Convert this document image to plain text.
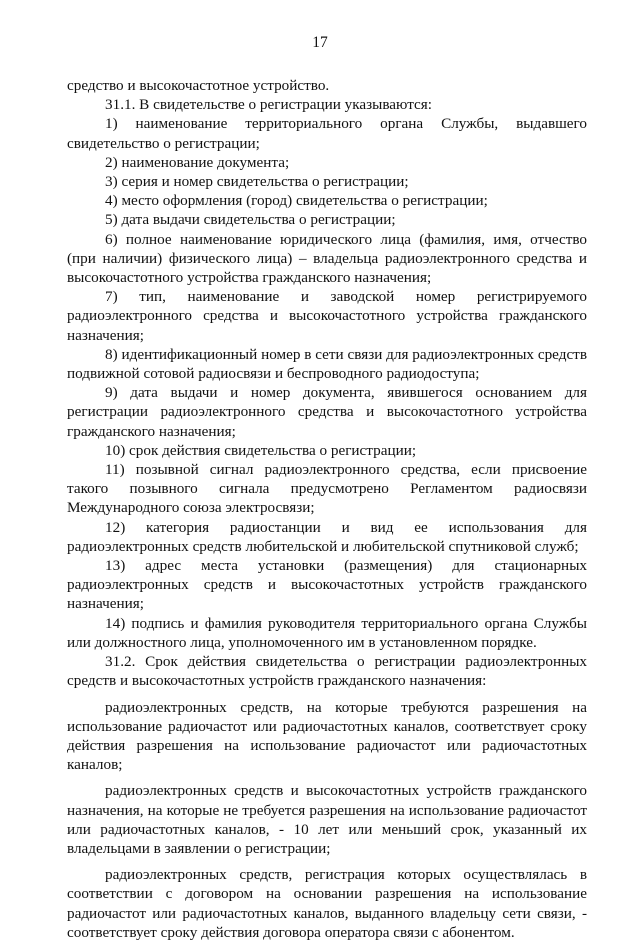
17

средство и высокочастотное устройство.

31.1. В свидетельстве о регистрации указываются:

1) наименование территориального органа Службы, выдавшего свидетельство о регистрации;

2) наименование документа;

3) серия и номер свидетельства о регистрации;

4) место оформления (город) свидетельства о регистрации;

5) дата выдачи свидетельства о регистрации;

6) полное наименование юридического лица (фамилия, имя, отчество (при наличии) физического лица) – владельца радиоэлектронного средства и высокочастотного устройства гражданского назначения;

7) тип, наименование и заводской номер регистрируемого радиоэлектронного средства и высокочастотного устройства гражданского назначения;

8) идентификационный номер в сети связи для радиоэлектронных средств подвижной сотовой радиосвязи и беспроводного радиодоступа;

9) дата выдачи и номер документа, явившегося основанием для регистрации радиоэлектронного средства и высокочастотного устройства гражданского назначения;

10) срок действия свидетельства о регистрации;

11) позывной сигнал радиоэлектронного средства, если присвоение такого позывного сигнала предусмотрено Регламентом радиосвязи Международного союза электросвязи;

12) категория радиостанции и вид ее использования для радиоэлектронных средств любительской и любительской спутниковой служб;

13) адрес места установки (размещения) для стационарных радиоэлектронных средств и высокочастотных устройств гражданского назначения;

14) подпись и фамилия руководителя территориального органа Службы или должностного лица, уполномоченного им в установленном порядке.

31.2. Срок действия свидетельства о регистрации радиоэлектронных средств и высокочастотных устройств гражданского назначения:

радиоэлектронных средств, на которые требуются разрешения на использование радиочастот или радиочастотных каналов, соответствует сроку действия разрешения на использование радиочастот или радиочастотных каналов;

радиоэлектронных средств и высокочастотных устройств гражданского назначения, на которые не требуется разрешения на использование радиочастот или радиочастотных каналов, - 10 лет или меньший срок, указанный их владельцами в заявлении о регистрации;

радиоэлектронных средств, регистрация которых осуществлялась в соответствии с договором на основании разрешения на использование радиочастот или радиочастотных каналов, выданного владельцу сети связи, - соответствует сроку действия договора оператора связи с абонентом.
